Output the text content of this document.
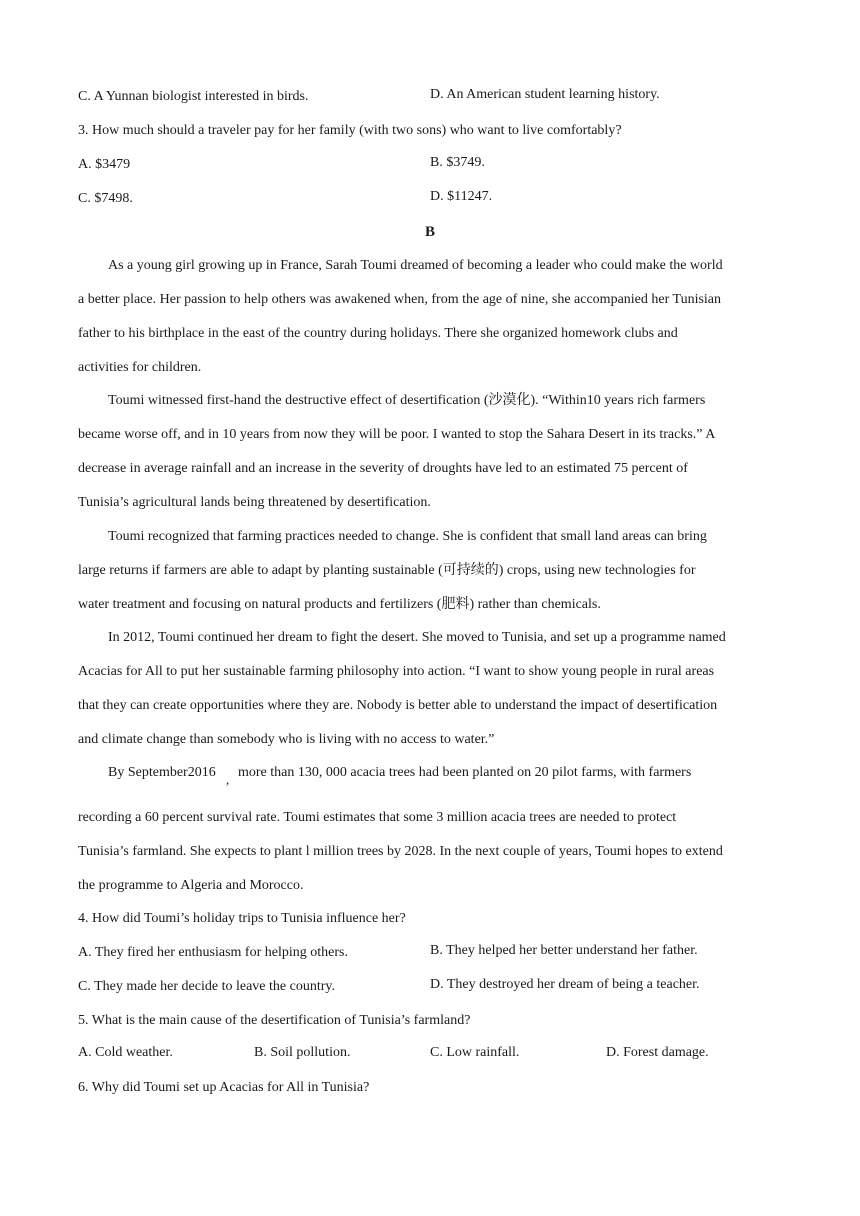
C. A Yunnan biologist interested in birds.	D. An American student learning history.
3. How much should a traveler pay for her family (with two sons) who want to live comfortably?
A. $3479	B. $3749.
C. $7498.	D. $11247.
B
As a young girl growing up in France, Sarah Toumi dreamed of becoming a leader who could make the world
a better place. Her passion to help others was awakened when, from the age of nine, she accompanied her Tunisian
father to his birthplace in the east of the country during holidays. There she organized homework clubs and
activities for children.
Toumi witnessed first-hand the destructive effect of desertification (沙漠化). “Within10 years rich farmers
became worse off, and in 10 years from now they will be poor. I wanted to stop the Sahara Desert in its tracks.” A
decrease in average rainfall and an increase in the severity of droughts have led to an estimated 75 percent of
Tunisia’s agricultural lands being threatened by desertification.
Toumi recognized that farming practices needed to change. She is confident that small land areas can bring
large returns if farmers are able to adapt by planting sustainable (可持续的) crops, using new technologies for
water treatment and focusing on natural products and fertilizers (肥料) rather than chemicals.
In 2012, Toumi continued her dream to fight the desert. She moved to Tunisia, and set up a programme named
Acacias for All to put her sustainable farming philosophy into action. “I want to show young people in rural areas
that they can create opportunities where they are. Nobody is better able to understand the impact of desertification
and climate change than somebody who is living with no access to water.”
By September2016 , more than 130, 000 acacia trees had been planted on 20 pilot farms, with farmers
recording a 60 percent survival rate. Toumi estimates that some 3 million acacia trees are needed to protect
Tunisia’s farmland. She expects to plant l million trees by 2028. In the next couple of years, Toumi hopes to extend
the programme to Algeria and Morocco.
4. How did Toumi’s holiday trips to Tunisia influence her?
A. They fired her enthusiasm for helping others.	B. They helped her better understand her father.
C. They made her decide to leave the country.	D. They destroyed her dream of being a teacher.
5. What is the main cause of the desertification of Tunisia’s farmland?
A. Cold weather.	B. Soil pollution.	C. Low rainfall.	D. Forest damage.
6. Why did Toumi set up Acacias for All in Tunisia?
